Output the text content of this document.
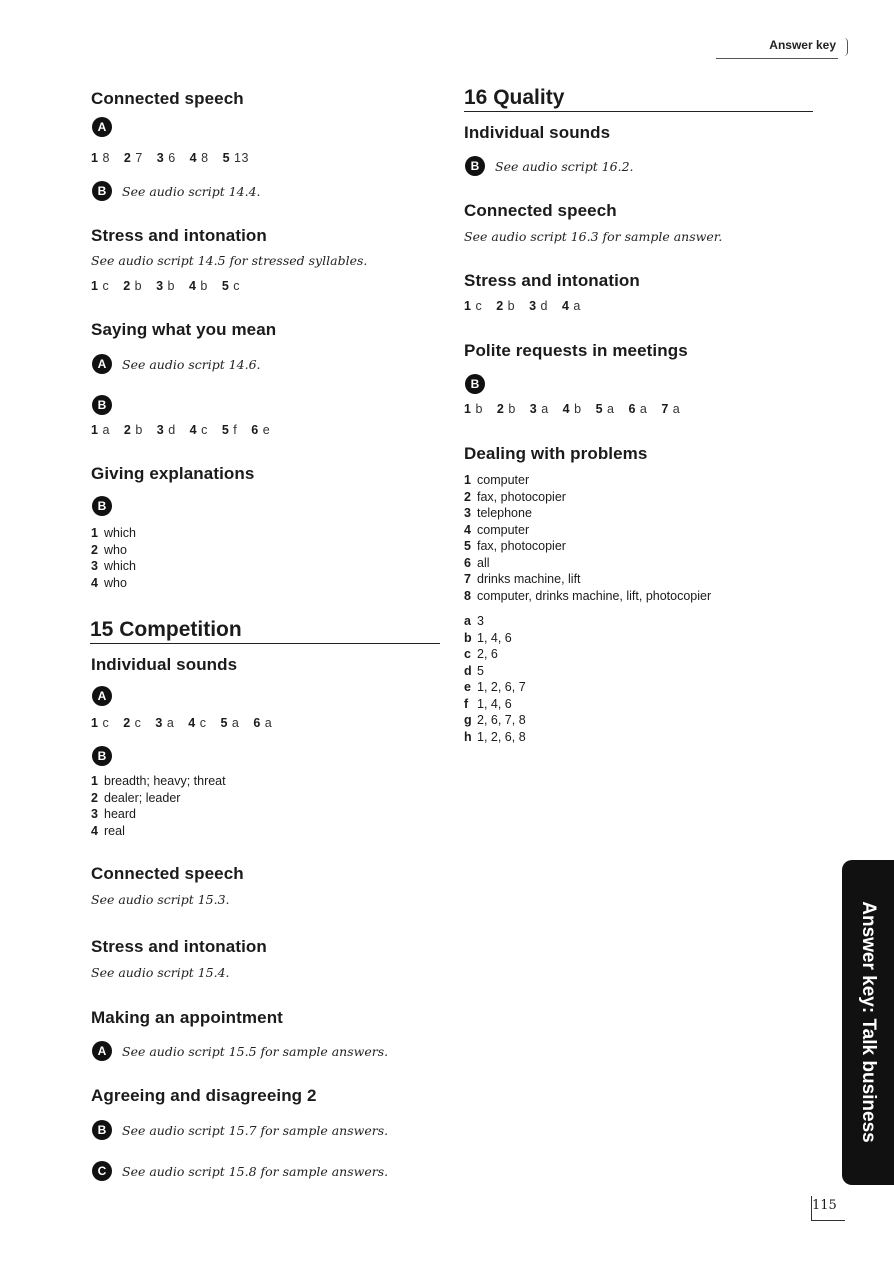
Answer key
Connected speech
A
1 8 2 7 3 6 4 8 5 13
B	See audio script 14.4.
Stress and intonation
See audio script 14.5 for stressed syllables.
1 c 2 b 3 b 4 b 5 c
Saying what you mean
A	See audio script 14.6.
B
1 a 2 b 3 d 4 c 5 f 6 e
Giving explanations
B
1 which
2 who
3 which
4 who
15 Competition
Individual sounds
A
1 c 2 c 3 a 4 c 5 a 6 a
B
1 breadth; heavy; threat
2 dealer; leader
3 heard
4 real
Connected speech
See audio script 15.3.
Stress and intonation
See audio script 15.4.
Making an appointment
A	See audio script 15.5 for sample answers.
Agreeing and disagreeing 2
B	See audio script 15.7 for sample answers.
C	See audio script 15.8 for sample answers.
16 Quality
Individual sounds
B	See audio script 16.2.
Connected speech
See audio script 16.3 for sample answer.
Stress and intonation
1 c 2 b 3 d 4 a
Polite requests in meetings
B
1 b 2 b 3 a 4 b 5 a 6 a 7 a
Dealing with problems
1 computer
2 fax, photocopier
3 telephone
4 computer
5 fax, photocopier
6 all
7 drinks machine, lift
8 computer, drinks machine, lift, photocopier
a 3
b 1, 4, 6
c 2, 6
d 5
e 1, 2, 6, 7
f 1, 4, 6
g 2, 6, 7, 8
h 1, 2, 6, 8
Answer key: Talk business
115
